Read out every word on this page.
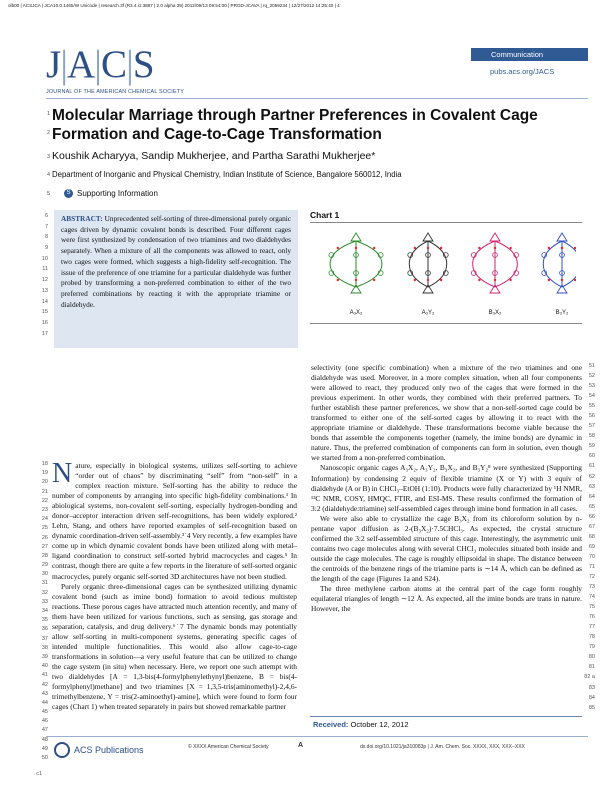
olb00 | ACSJCA | JCA10.0.1465/W Unicode | research.3f (R3.4.i1:3887 | 2.0 alpha 39) 2012/09/13 09:54:00 | PROD-JCAVA | rq_2059234 | 12/27/2012 14:25:40 | 4
J|A|C|S
JOURNAL OF THE AMERICAN CHEMICAL SOCIETY
Communication
pubs.acs.org/JACS
1
2
Molecular Marriage through Partner Preferences in Covalent Cage Formation and Cage-to-Cage Transformation
3 Koushik Acharyya, Sandip Mukherjee, and Partha Sarathi Mukherjee*
4 Department of Inorganic and Physical Chemistry, Indian Institute of Science, Bangalore 560012, India
5	S Supporting Information
6
7
8
9
10
11
12
13
14
15
16
17
ABSTRACT: Unprecedented self-sorting of three-dimensional purely organic cages driven by dynamic covalent bonds is described. Four different cages were first synthesized by condensation of two triamines and two dialdehydes separately. When a mixture of all the components was allowed to react, only two cages were formed, which suggests a high-fidelity self-recognition. The issue of the preference of one triamine for a particular dialdehyde was further probed by transforming a non-preferred combination to either of the two preferred combinations by reacting it with the appropriate triamine or dialdehyde.
Chart 1
A₃X₂	A₃Y₂	B₃X₂	B₃Y₂
18
19
20
21
22
23
24
25
26
27
28
29
30
31
32
33
34
35
36
37
38
39
40
41
42
43
44
45
46
47
48
49
50
c1
Nature, especially in biological systems, utilizes self-sorting to achieve “order out of chaos” by discriminating “self” from “non-self” in a complex reaction mixture. Self-sorting has the ability to reduce the number of components by arranging into specific high-fidelity combinations.¹ In abiological systems, non-covalent self-sorting, especially hydrogen-bonding and donor–acceptor interaction driven self-recognitions, has been widely explored.² Lehn, Stang, and others have reported examples of self-recognition based on dynamic coordination-driven self-assembly.³˙4 Very recently, a few examples have come up in which dynamic covalent bonds have been utilized along with metal–ligand coordination to construct self-sorted hybrid macrocycles and cages.⁵ In contrast, though there are quite a few reports in the literature of self-sorted organic macrocycles, purely organic self-sorted 3D architectures have not been studied.
Purely organic three-dimensional cages can be synthesized utilizing dynamic covalent bond (such as imine bond) formation to avoid tedious multistep reactions. These porous cages have attracted much attention recently, and many of them have been utilized for various functions, such as sensing, gas storage and separation, catalysis, and drug delivery.⁶˙7 The dynamic bonds may potentially allow self-sorting in multi-component systems, generating specific cages of intended multiple functionalities. This would also allow cage-to-cage transformations in solution—a very useful feature that can be utilized to change the cage system (in situ) when necessary. Here, we report one such attempt with two dialdehydes [A = 1,3-bis(4-formylphenylethynyl)benzene, B = bis(4-formylphenyl)methane] and two triamines [X = 1,3,5-tris(aminomethyl)-2,4,6-trimethylbenzene, Y = tris(2-aminoethyl)-amine], which were found to form four cages (Chart 1) when treated separately in pairs but showed remarkable partner
51
52
53
54
55
56
57
58
59
60
61
62
63
64
65
66
67
68
69
70
71
72
73
74
75
76
77
78
79
80
81
82 a
83
84
85
selectivity (one specific combination) when a mixture of the two triamines and one dialdehyde was used. Moreover, in a more complex situation, when all four components were allowed to react, they produced only two of the cages that were formed in the previous experiment. In other words, they combined with their preferred partners. To further establish these partner preferences, we show that a non-self-sorted cage could be transformed to either one of the self-sorted cages by allowing it to react with the appropriate triamine or dialdehyde. These transformations become viable because the bonds that assemble the components together (namely, the imine bonds) are dynamic in nature. Thus, the preferred combination of components can form in solution, even though we started from a non-preferred combination.
Nanoscopic organic cages A₃X₂, A₃Y₂, B₃X₂, and B₃Y₂⁸ were synthesized (Supporting Information) by condensing 2 equiv of flexible triamine (X or Y) with 3 equiv of dialdehyde (A or B) in CHCl₃–EtOH (1:10). Products were fully characterized by ¹H NMR, ¹³C NMR, COSY, HMQC, FTIR, and ESI-MS. These results confirmed the formation of 3:2 (dialdehyde:triamine) self-assembled cages through imine bond formation in all cases.
We were also able to crystallize the cage B₃X₂ from its chloroform solution by n-pentane vapor diffusion as 2-(B₃X₂)·7.5CHCl₃. As expected, the crystal structure confirmed the 3:2 self-assembled structure of this cage. Interestingly, the asymmetric unit contains two cage molecules along with several CHCl₃ molecules situated both inside and outside the cage molecules. The cage is roughly ellipsoidal in shape. The distance between the centroids of the benzene rings of the triamine parts is ∼14 Å, which can be defined as the length of the cage (Figures 1a and S24).
The three methylene carbon atoms at the central part of the cage form roughly equilateral triangles of length ∼12 Å. As expected, all the imine bonds are trans in nature. However, the
Received: October 12, 2012
© XXXX American Chemical Society	A	dx.doi.org/10.1021/ja310083p | J. Am. Chem. Soc. XXXX, XXX, XXX−XXX
ACS Publications
